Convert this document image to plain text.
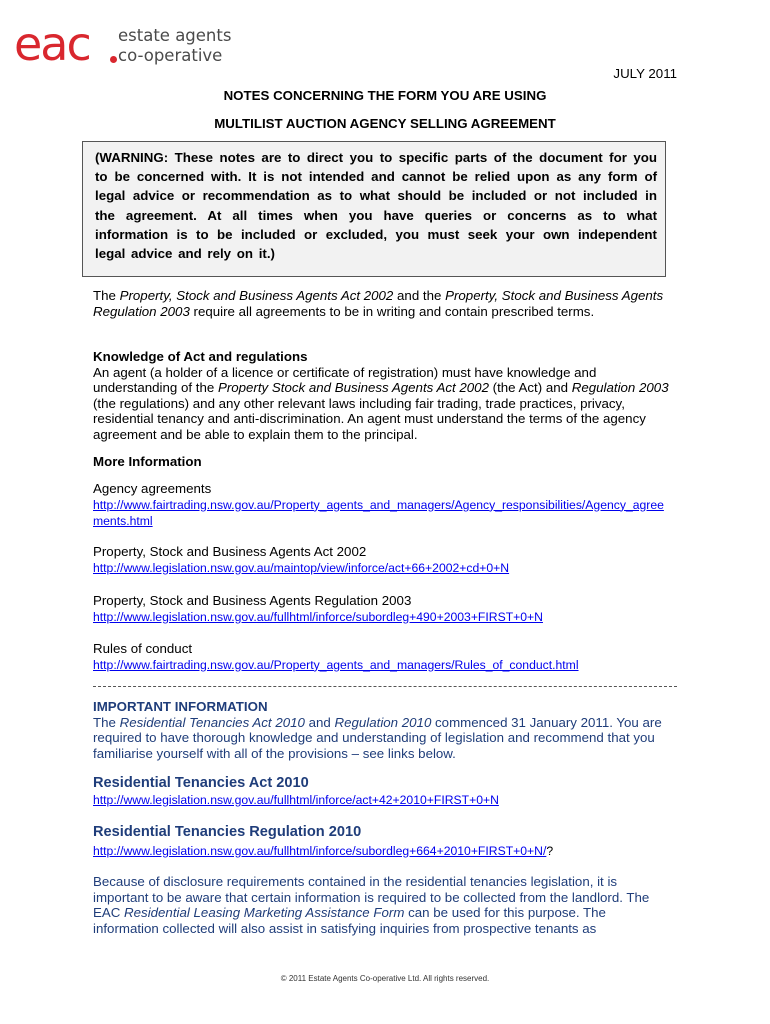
eac estate agents
co-operative
JULY 2011
NOTES CONCERNING THE FORM YOU ARE USING
MULTILIST AUCTION AGENCY SELLING AGREEMENT
(WARNING: These notes are to direct you to specific parts of the document for you to be concerned with. It is not intended and cannot be relied upon as any form of legal advice or recommendation as to what should be included or not included in the agreement. At all times when you have queries or concerns as to what information is to be included or excluded, you must seek your own independent legal advice and rely on it.)
The Property, Stock and Business Agents Act 2002 and the Property, Stock and Business Agents Regulation 2003 require all agreements to be in writing and contain prescribed terms.
Knowledge of Act and regulations
An agent (a holder of a licence or certificate of registration) must have knowledge and understanding of the Property Stock and Business Agents Act 2002 (the Act) and Regulation 2003 (the regulations) and any other relevant laws including fair trading, trade practices, privacy, residential tenancy and anti-discrimination. An agent must understand the terms of the agency agreement and be able to explain them to the principal.
More Information
Agency agreements
http://www.fairtrading.nsw.gov.au/Property_agents_and_managers/Agency_responsibilities/Agency_agreements.html
Property, Stock and Business Agents Act 2002
http://www.legislation.nsw.gov.au/maintop/view/inforce/act+66+2002+cd+0+N
Property, Stock and Business Agents Regulation 2003
http://www.legislation.nsw.gov.au/fullhtml/inforce/subordleg+490+2003+FIRST+0+N
Rules of conduct
http://www.fairtrading.nsw.gov.au/Property_agents_and_managers/Rules_of_conduct.html
IMPORTANT INFORMATION
The Residential Tenancies Act 2010 and Regulation 2010 commenced 31 January 2011. You are required to have thorough knowledge and understanding of legislation and recommend that you familiarise yourself with all of the provisions – see links below.
Residential Tenancies Act 2010
http://www.legislation.nsw.gov.au/fullhtml/inforce/act+42+2010+FIRST+0+N
Residential Tenancies Regulation 2010
http://www.legislation.nsw.gov.au/fullhtml/inforce/subordleg+664+2010+FIRST+0+N/?
Because of disclosure requirements contained in the residential tenancies legislation, it is important to be aware that certain information is required to be collected from the landlord. The EAC Residential Leasing Marketing Assistance Form can be used for this purpose. The information collected will also assist in satisfying inquiries from prospective tenants as
© 2011 Estate Agents Co-operative Ltd. All rights reserved.
